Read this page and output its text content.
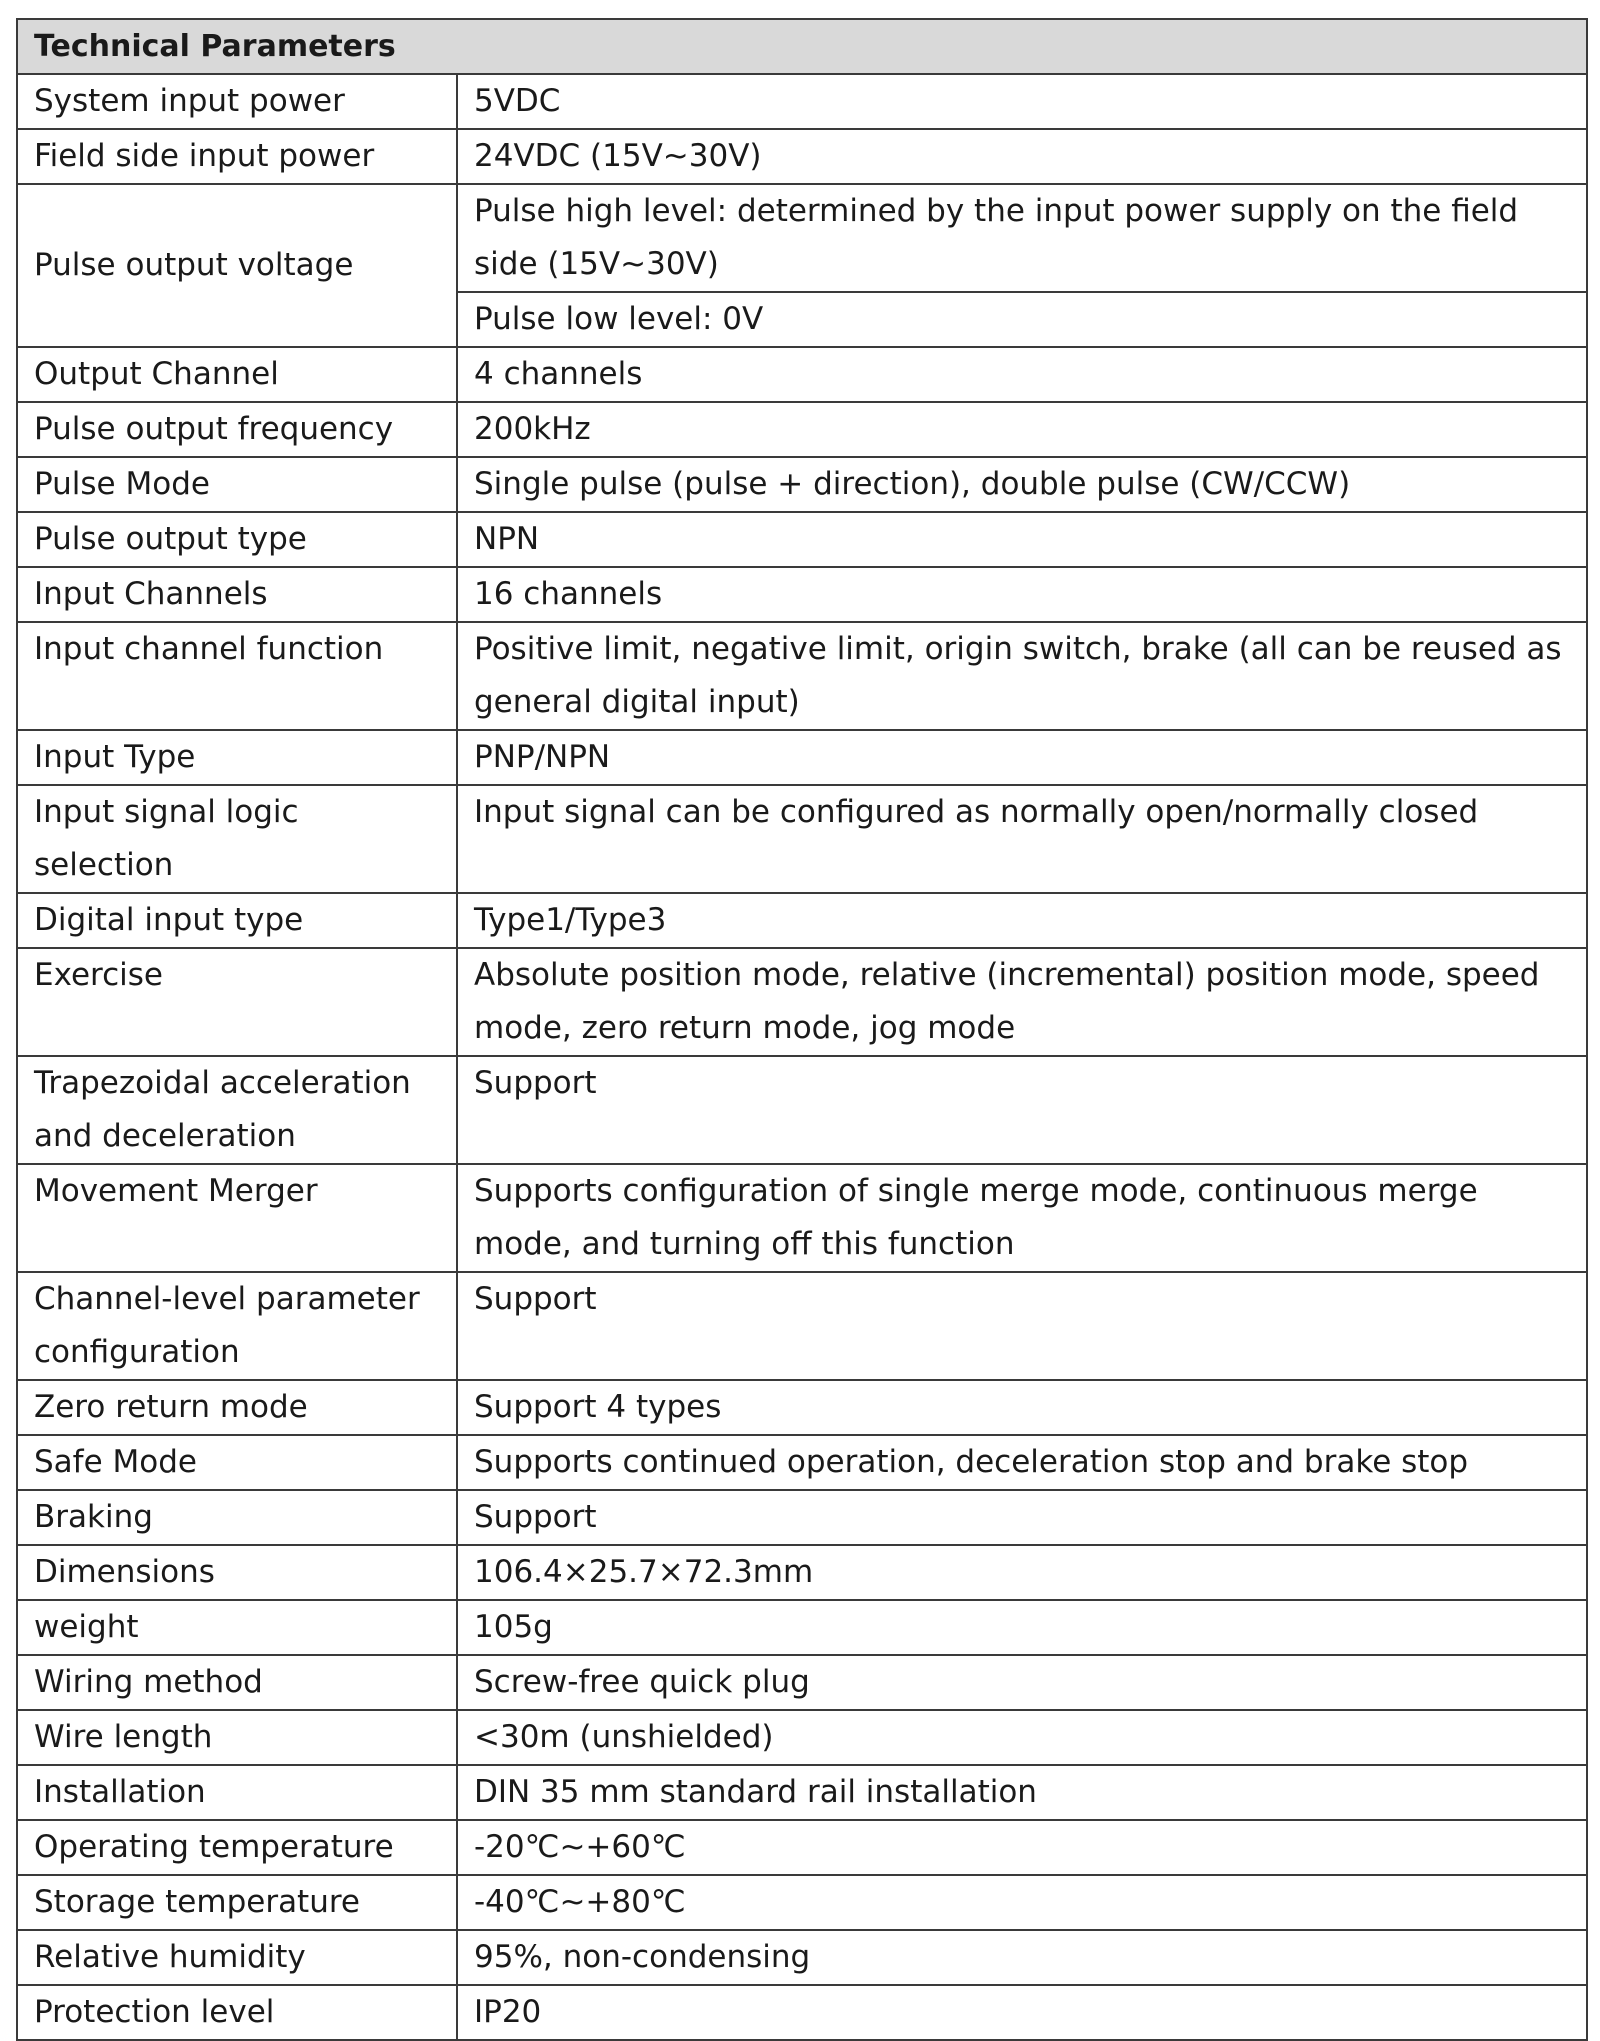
Technical Parameters	
System input power	5VDC
Field side input power	24VDC (15V~30V)
Pulse output voltage	Pulse high level: determined by the input power supply on the field side (15V~30V)
	Pulse low level: 0V
Output Channel	4 channels
Pulse output frequency	200kHz
Pulse Mode	Single pulse (pulse + direction), double pulse (CW/CCW)
Pulse output type	NPN
Input Channels	16 channels
Input channel function	Positive limit, negative limit, origin switch, brake (all can be reused as general digital input)
Input Type	PNP/NPN
Input signal logic selection	Input signal can be configured as normally open/normally closed
Digital input type	Type1/Type3
Exercise	Absolute position mode, relative (incremental) position mode, speed mode, zero return mode, jog mode
Trapezoidal acceleration and deceleration	Support
Movement Merger	Supports configuration of single merge mode, continuous merge mode, and turning off this function
Channel-level parameter configuration	Support
Zero return mode	Support 4 types
Safe Mode	Supports continued operation, deceleration stop and brake stop
Braking	Support
Dimensions	106.4×25.7×72.3mm
weight	105g
Wiring method	Screw-free quick plug
Wire length	<30m (unshielded)
Installation	DIN 35 mm standard rail installation
Operating temperature	-20℃~+60℃
Storage temperature	-40℃~+80℃
Relative humidity	95%, non-condensing
Protection level	IP20
